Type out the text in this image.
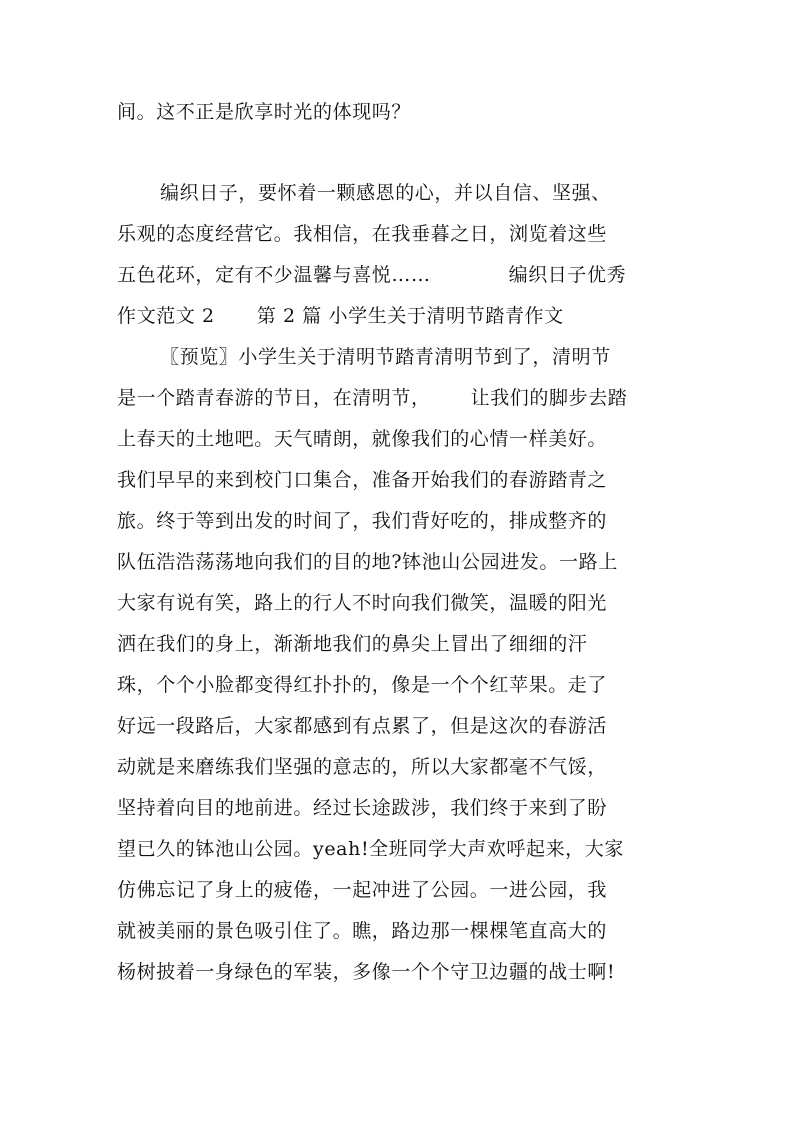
间。这不正是欣享时光的体现吗？
编织日子，要怀着一颗感恩的心，并以自信、坚强、
乐观的态度经营它。我相信，在我垂暮之日，浏览着这些
五色花环，定有不少温馨与喜悦……	编织日子优秀
作文范文 2 第 2 篇 小学生关于清明节踏青作文
〖预览〗小学生关于清明节踏青清明节到了，清明节
是一个踏青春游的节日，在清明节， 让我们的脚步去踏
上春天的土地吧。天气晴朗，就像我们的心情一样美好。
我们早早的来到校门口集合，准备开始我们的春游踏青之
旅。终于等到出发的时间了，我们背好吃的，排成整齐的
队伍浩浩荡荡地向我们的目的地?钵池山公园进发。一路上
大家有说有笑，路上的行人不时向我们微笑，温暖的阳光
洒在我们的身上，渐渐地我们的鼻尖上冒出了细细的汗
珠，个个小脸都变得红扑扑的，像是一个个红苹果。走了
好远一段路后，大家都感到有点累了，但是这次的春游活
动就是来磨练我们坚强的意志的，所以大家都毫不气馁，
坚持着向目的地前进。经过长途跋涉，我们终于来到了盼
望已久的钵池山公园。yeah!全班同学大声欢呼起来，大家
仿佛忘记了身上的疲倦，一起冲进了公园。一进公园，我
就被美丽的景色吸引住了。瞧，路边那一棵棵笔直高大的
杨树披着一身绿色的军装，多像一个个守卫边疆的战士啊!
